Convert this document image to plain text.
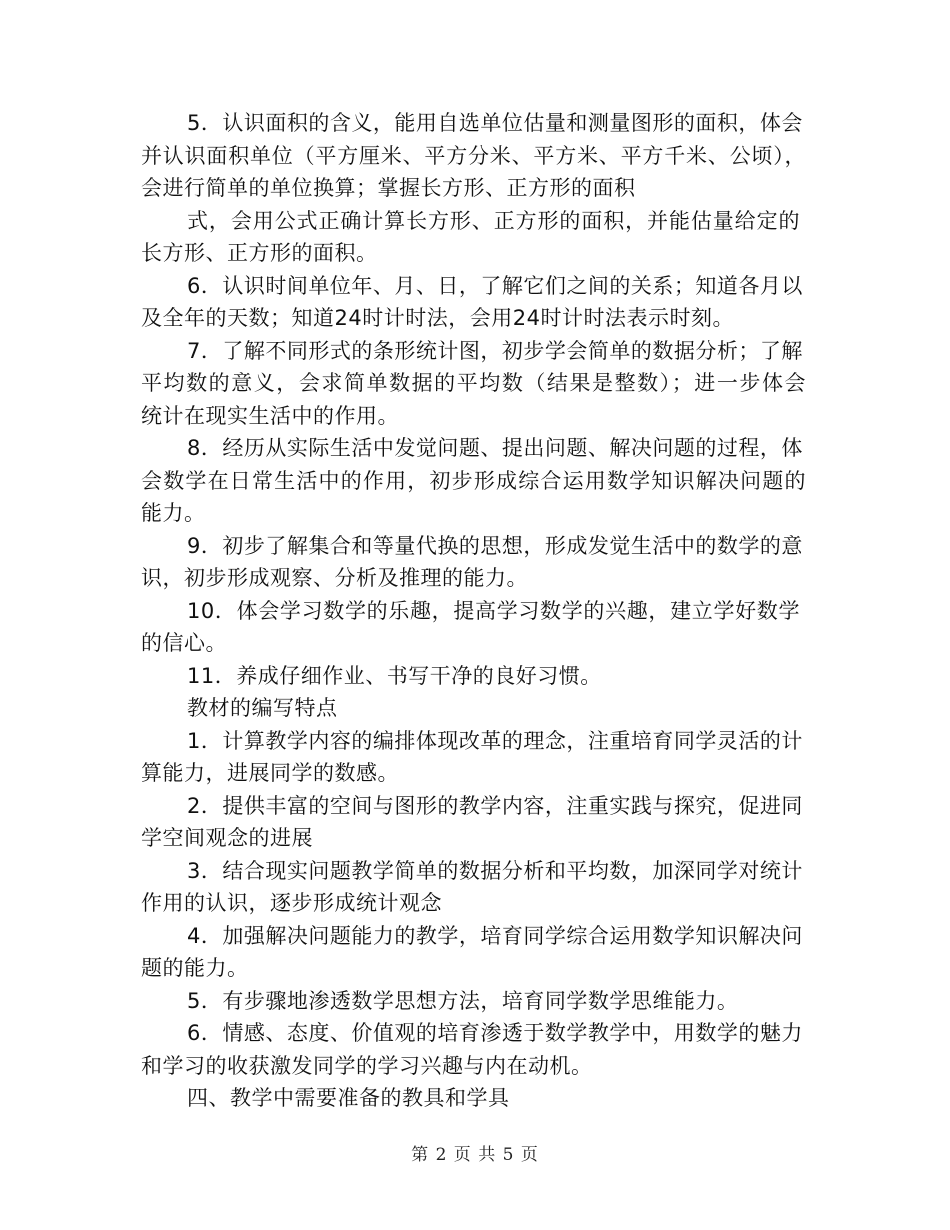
5．认识面积的含义，能用自选单位估量和测量图形的面积，体会
并认识面积单位（平方厘米、平方分米、平方米、平方千米、公顷），
会进行简单的单位换算；掌握长方形、正方形的面积
式，会用公式正确计算长方形、正方形的面积，并能估量给定的
长方形、正方形的面积。
6．认识时间单位年、月、日，了解它们之间的关系；知道各月以
及全年的天数；知道24时计时法，会用24时计时法表示时刻。
7．了解不同形式的条形统计图，初步学会简单的数据分析；了解
平均数的意义，会求简单数据的平均数（结果是整数）；进一步体会
统计在现实生活中的作用。
8．经历从实际生活中发觉问题、提出问题、解决问题的过程，体
会数学在日常生活中的作用，初步形成综合运用数学知识解决问题的
能力。
9．初步了解集合和等量代换的思想，形成发觉生活中的数学的意
识，初步形成观察、分析及推理的能力。
10．体会学习数学的乐趣，提高学习数学的兴趣，建立学好数学
的信心。
11．养成仔细作业、书写干净的良好习惯。
教材的编写特点
1．计算教学内容的编排体现改革的理念，注重培育同学灵活的计
算能力，进展同学的数感。
2．提供丰富的空间与图形的教学内容，注重实践与探究，促进同
学空间观念的进展
3．结合现实问题教学简单的数据分析和平均数，加深同学对统计
作用的认识，逐步形成统计观念
4．加强解决问题能力的教学，培育同学综合运用数学知识解决问
题的能力。
5．有步骤地渗透数学思想方法，培育同学数学思维能力。
6．情感、态度、价值观的培育渗透于数学教学中，用数学的魅力
和学习的收获激发同学的学习兴趣与内在动机。
四、教学中需要准备的教具和学具
第 2 页 共 5 页
